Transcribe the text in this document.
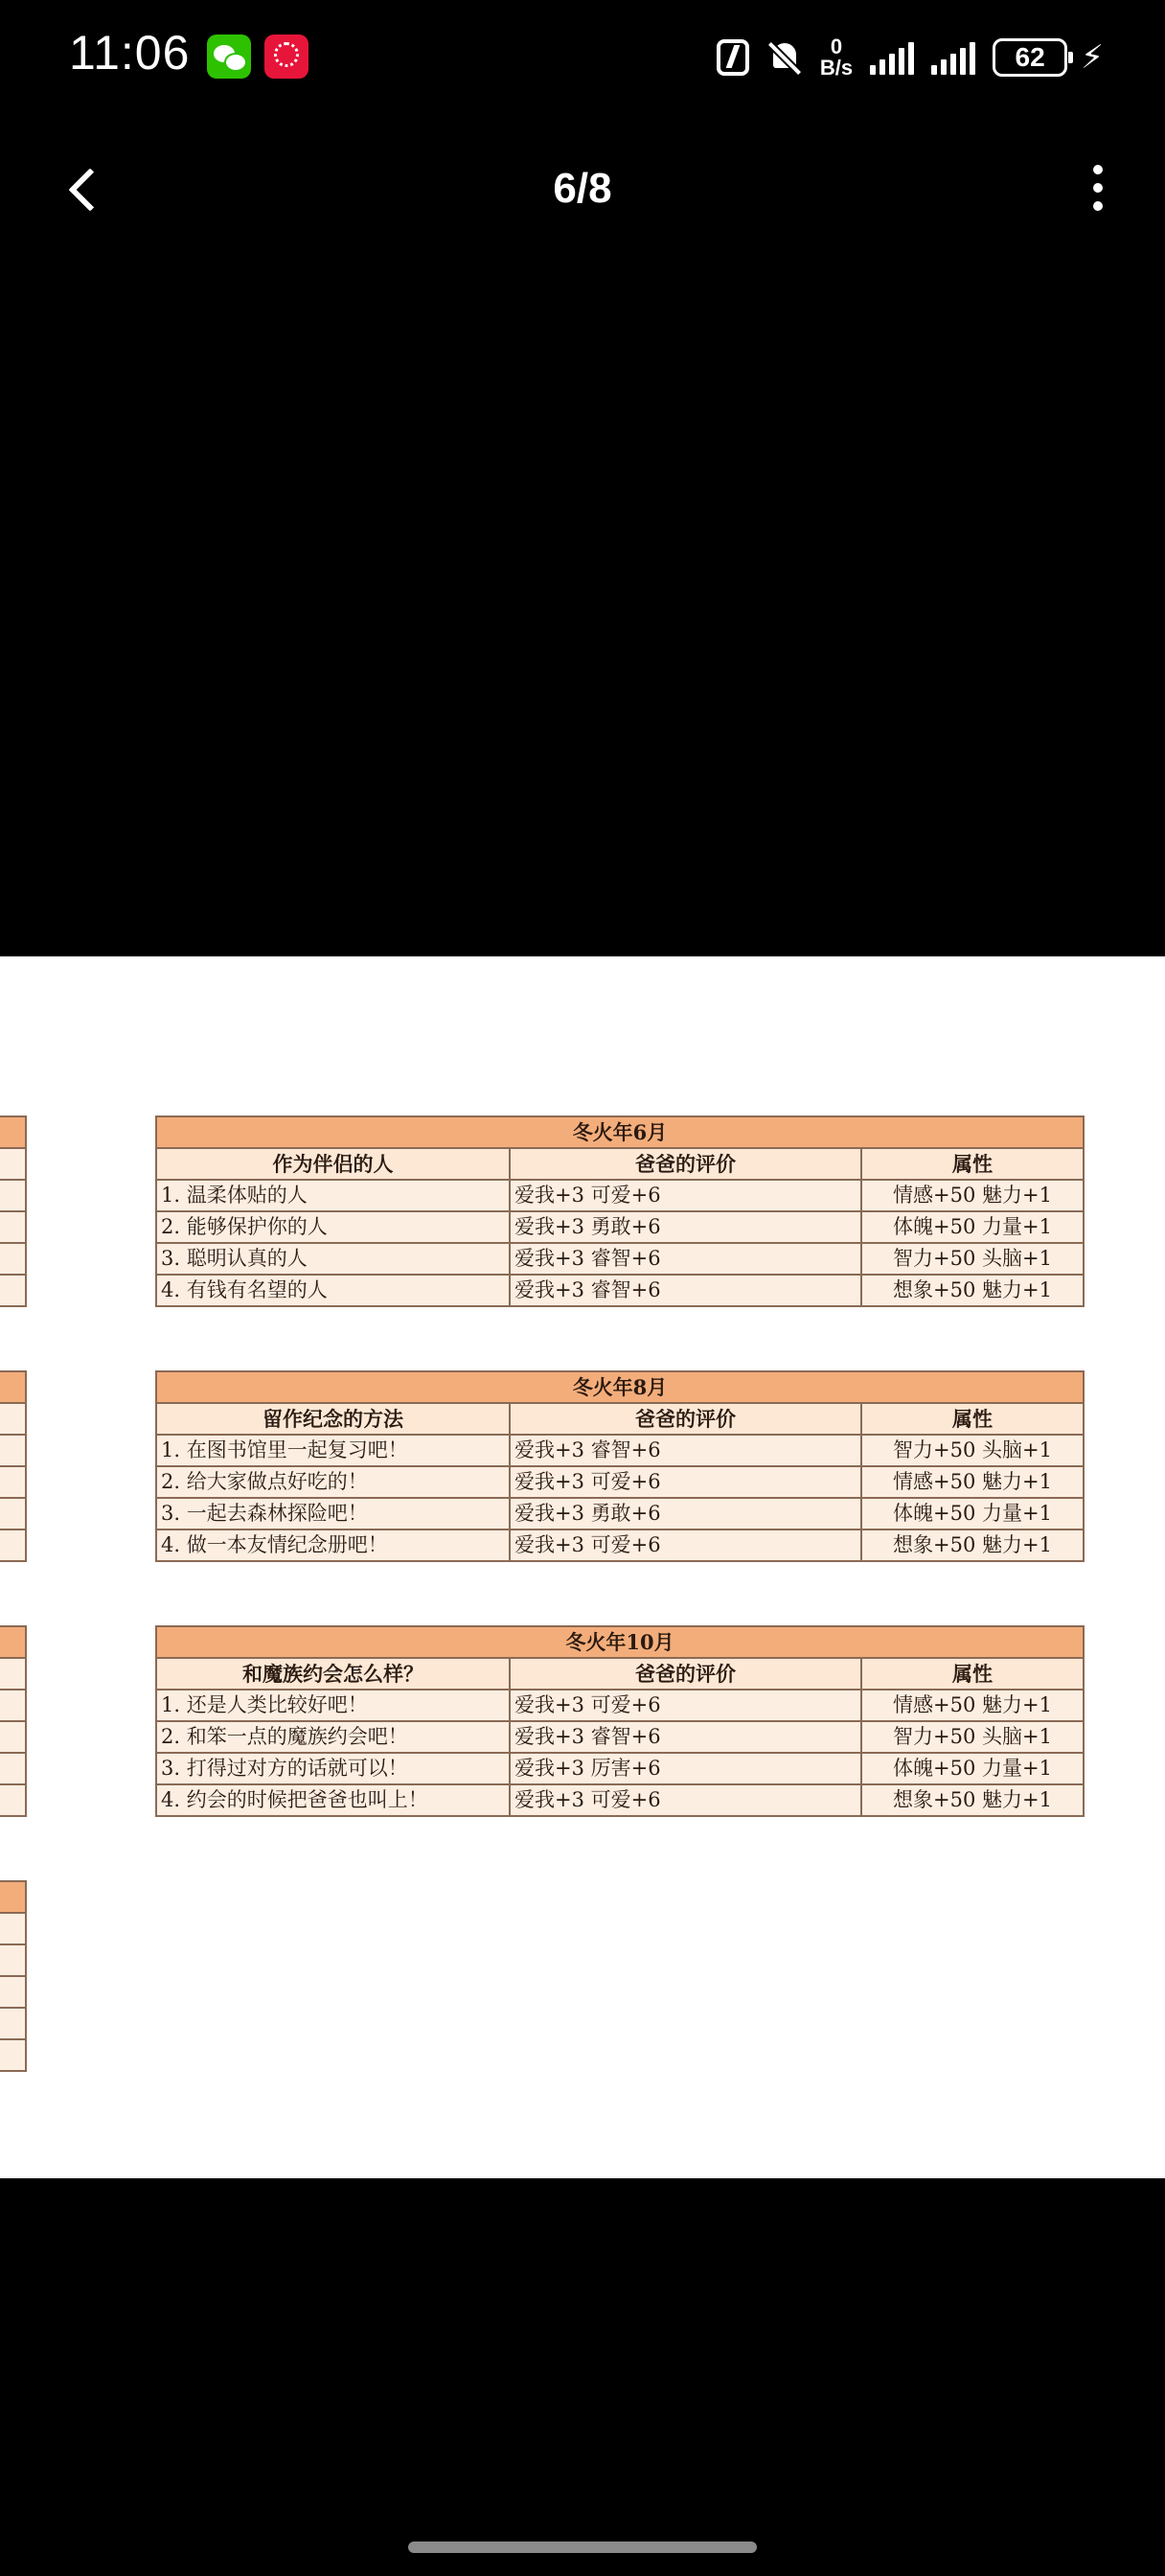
11:06	0
B/s	62 ⚡︎
6/8
冬火年6月		
作为伴侣的人	爸爸的评价	属性
1. 温柔体贴的人	爱我+3 可爱+6	情感+50 魅力+1
2. 能够保护你的人	爱我+3 勇敢+6	体魄+50 力量+1
3. 聪明认真的人	爱我+3 睿智+6	智力+50 头脑+1
4. 有钱有名望的人	爱我+3 睿智+6	想象+50 魅力+1
冬火年8月		
留作纪念的方法	爸爸的评价	属性
1. 在图书馆里一起复习吧！	爱我+3 睿智+6	智力+50 头脑+1
2. 给大家做点好吃的！	爱我+3 可爱+6	情感+50 魅力+1
3. 一起去森林探险吧！	爱我+3 勇敢+6	体魄+50 力量+1
4. 做一本友情纪念册吧！	爱我+3 可爱+6	想象+50 魅力+1
冬火年10月		
和魔族约会怎么样？	爸爸的评价	属性
1. 还是人类比较好吧！	爱我+3 可爱+6	情感+50 魅力+1
2. 和笨一点的魔族约会吧！	爱我+3 睿智+6	智力+50 头脑+1
3. 打得过对方的话就可以！	爱我+3 厉害+6	体魄+50 力量+1
4. 约会的时候把爸爸也叫上！	爱我+3 可爱+6	想象+50 魅力+1
